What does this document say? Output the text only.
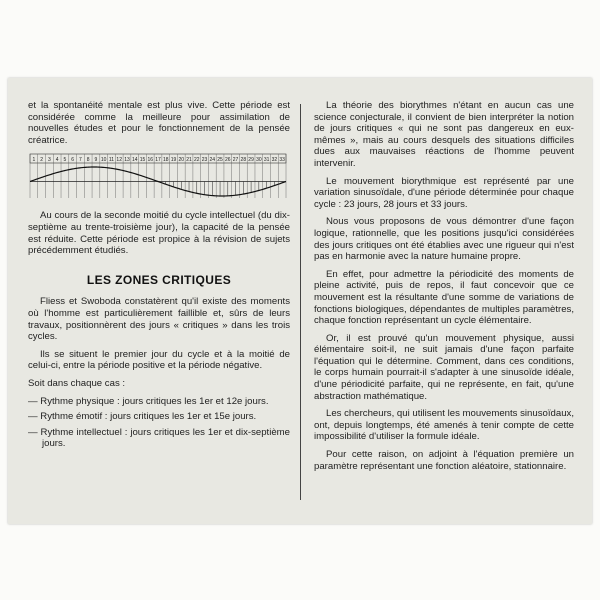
et la spontanéité mentale est plus vive. Cette période est considérée comme la meilleure pour assimilation de nouvelles études et pour le fonctionnement de la pensée créatrice.

1 2 3 4 5 6 7 8 9 10 11 12 13 14 15 16 17 18 19 20 21 22 23 24 25 26 27 28 29 30 31 32 33

Au cours de la seconde moitié du cycle intellectuel (du dix-septième au trente-troisième jour), la capacité de la pensée est réduite. Cette période est propice à la révision de sujets précédemment étudiés.

LES ZONES CRITIQUES

Fliess et Swoboda constatèrent qu'il existe des moments où l'homme est particulièrement faillible et, sûrs de leurs travaux, positionnèrent des jours « critiques » dans les trois cycles.

Ils se situent le premier jour du cycle et à la moitié de celui-ci, entre la période positive et la période négative.

Soit dans chaque cas :

— Rythme physique : jours critiques les 1er et 12e jours.
— Rythme émotif : jours critiques les 1er et 15e jours.
— Rythme intellectuel : jours critiques les 1er et dix-septième jours.

La théorie des biorythmes n'étant en aucun cas une science conjecturale, il convient de bien interpréter la notion de jours critiques « qui ne sont pas dangereux en eux-mêmes », mais au cours desquels des situations difficiles dues aux mauvaises réactions de l'homme peuvent intervenir.

Le mouvement biorythmique est représenté par une variation sinusoïdale, d'une période déterminée pour chaque cycle : 23 jours, 28 jours et 33 jours.

Nous vous proposons de vous démontrer d'une façon logique, rationnelle, que les positions jusqu'ici considérées des jours critiques ont été établies avec une rigueur qui n'est pas en harmonie avec la nature humaine propre.

En effet, pour admettre la périodicité des moments de pleine activité, puis de repos, il faut concevoir que ce mouvement est la résultante d'une somme de variations de fonctions biologiques, dépendantes de multiples paramètres, chaque fonction représentant un cycle élémentaire.

Or, il est prouvé qu'un mouvement physique, aussi élémentaire soit-il, ne suit jamais d'une façon parfaite l'équation qui le détermine. Comment, dans ces conditions, le corps humain pourrait-il s'adapter à une sinusoïde idéale, d'une périodicité parfaite, qui ne représente, en fait, qu'une abstraction mathématique.

Les chercheurs, qui utilisent les mouvements sinusoïdaux, ont, depuis longtemps, été amenés à tenir compte de cette impossibilité d'utiliser la formule idéale.

Pour cette raison, on adjoint à l'équation première un paramètre représentant une fonction aléatoire, stationnaire.
